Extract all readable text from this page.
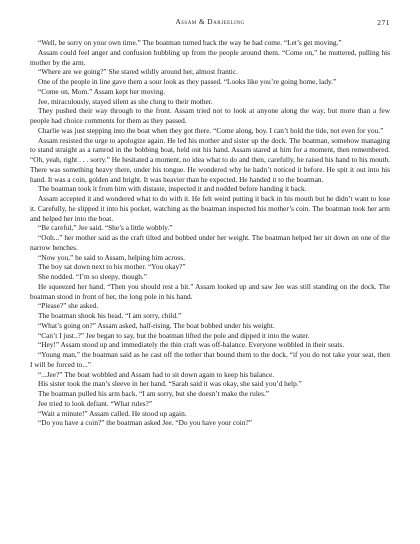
Assam & Darjeeling	271

“Well, be sorry on your own time.” The boatman turned back the way he had come. “Let’s get moving.”

Assam could feel anger and confusion bubbling up from the people around them. “Come on,” he muttered, pulling his mother by the arm.

“Where are we going?” She stared wildly around her, almost frantic.

One of the people in line gave them a sour look as they passed. “Looks like you’re going home, lady.”

“Come on, Mom.” Assam kept her moving.

Jee, miraculously, stayed silent as she clung to their mother.

They pushed their way through to the front. Assam tried not to look at anyone along the way, but more than a few people had choice comments for them as they passed.

Charlie was just stepping into the boat when they got there. “Come along, boy. I can’t hold the tide, not even for you.”

Assam resisted the urge to apologize again. He led his mother and sister up the dock. The boatman, somehow managing to stand straight as a ramrod in the bobbing boat, held out his hand. Assam stared at him for a moment, then remembered. “Oh, yeah, right . . . sorry.” He hesitated a moment, no idea what to do and then, carefully, he raised his hand to his mouth. There was something heavy there, under his tongue. He wondered why he hadn’t noticed it before. He spit it out into his hand. It was a coin, golden and bright. It was heavier than he expected. He handed it to the boatman.

The boatman took it from him with distaste, inspected it and nodded before handing it back.

Assam accepted it and wondered what to do with it. He felt weird putting it back in his mouth but he didn’t want to lose it. Carefully, he slipped it into his pocket, watching as the boatman inspected his mother’s coin. The boatman took her arm and helped her into the boat.

“Be careful,” Jee said. “She’s a little wobbly.”

“Ooh...” her mother said as the craft tilted and bobbed under her weight. The boatman helped her sit down on one of the narrow benches.

“Now you,” he said to Assam, helping him across.

The boy sat down next to his mother. “You okay?”

She nodded. “I’m so sleepy, though.”

He squeezed her hand. “Then you should rest a bit.” Assam looked up and saw Jee was still standing on the dock. The boatman stood in front of her, the long pole in his hand.

“Please?” she asked.

The boatman shook his head. “I am sorry, child.”

“What’s going on?” Assam asked, half-rising. The boat bobbed under his weight.

“Can’t I just..?” Jee began to say, but the boatman lifted the pole and dipped it into the water.

“Hey!” Assam stood up and immediately the thin craft was off-balance. Everyone wobbled in their seats.

“Young man,” the boatman said as he cast off the tether that bound them to the dock, “if you do not take your seat, then I will be forced to...”

“...Jee?” The boat wobbled and Assam had to sit down again to keep his balance.

His sister took the man’s sleeve in her hand. “Sarah said it was okay, she said you’d help.”

The boatman pulled his arm back. “I am sorry, but she doesn’t make the rules.”

Jee tried to look defiant. “What rules?”

“Wait a minute!” Assam called. He stood up again.

“Do you have a coin?” the boatman asked Jee. “Do you have your coin?”
